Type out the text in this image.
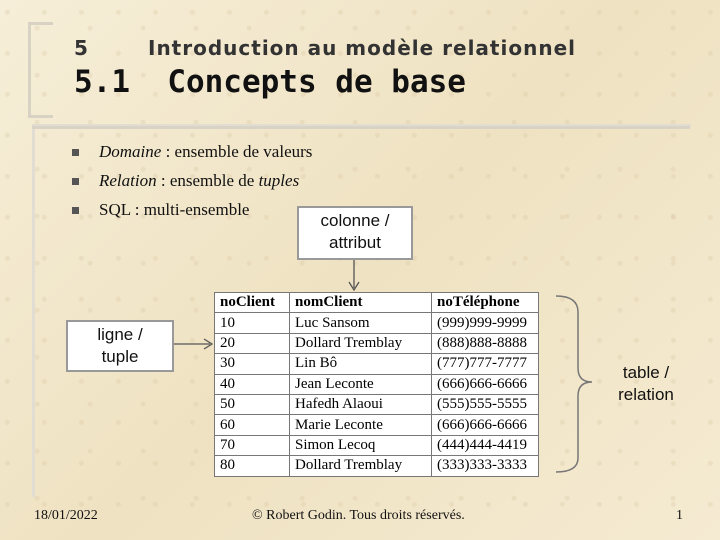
5	Introduction au modèle relationnel
5.1  Concepts de base
Domaine : ensemble de valeurs
Relation : ensemble de tuples
SQL : multi-ensemble
colonne /
attribut
ligne /
tuple
table /
relation
noClient	nomClient	noTéléphone
10	Luc Sansom	(999)999-9999
20	Dollard Tremblay	(888)888-8888
30	Lin Bô	(777)777-7777
40	Jean Leconte	(666)666-6666
50	Hafedh Alaoui	(555)555-5555
60	Marie Leconte	(666)666-6666
70	Simon Lecoq	(444)444-4419
80	Dollard Tremblay	(333)333-3333
18/01/2022	© Robert Godin. Tous droits réservés.	1
